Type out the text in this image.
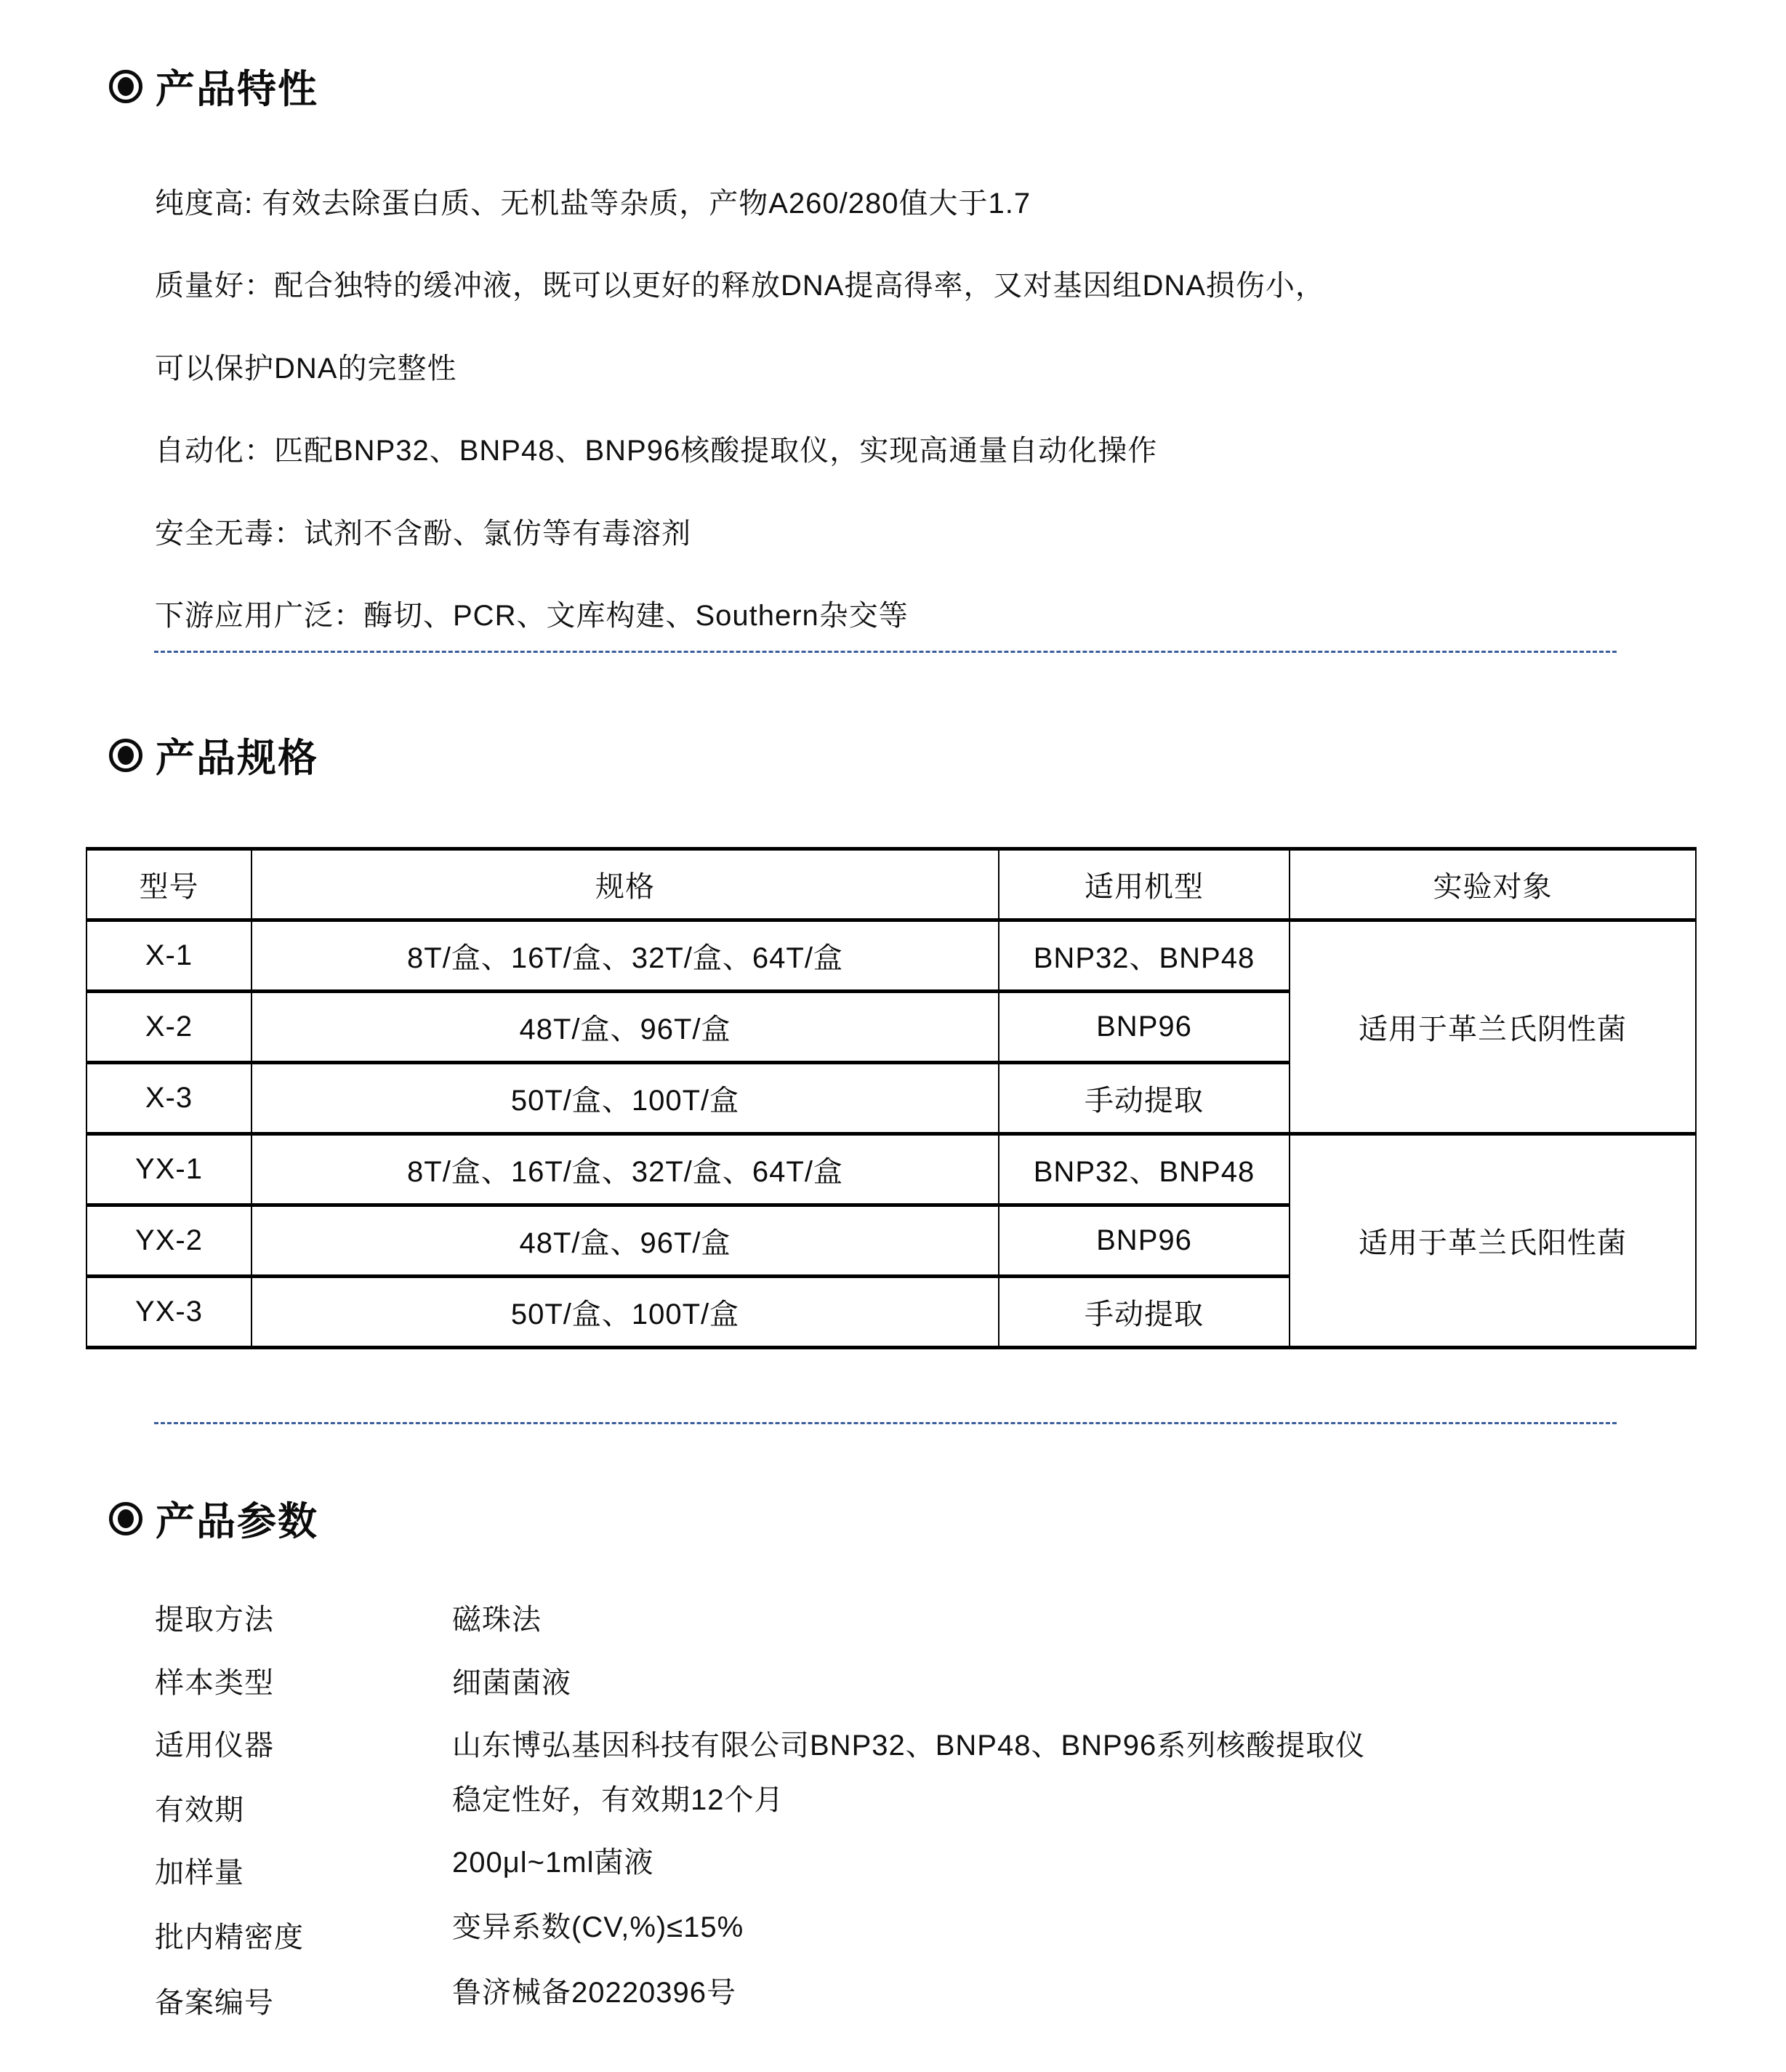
产品特性
纯度高: 有效去除蛋白质、无机盐等杂质，产物A260/280值大于1.7
质量好：配合独特的缓冲液，既可以更好的释放DNA提高得率，又对基因组DNA损伤小，
可以保护DNA的完整性
自动化：匹配BNP32、BNP48、BNP96核酸提取仪，实现高通量自动化操作
安全无毒：试剂不含酚、氯仿等有毒溶剂
下游应用广泛：酶切、PCR、文库构建、Southern杂交等
产品规格
型号	规格	适用机型	实验对象
X-1	8T/盒、16T/盒、32T/盒、64T/盒	BNP32、BNP48	适用于革兰氏阴性菌
X-2	48T/盒、96T/盒	BNP96	
X-3	50T/盒、100T/盒	手动提取	
YX-1	8T/盒、16T/盒、32T/盒、64T/盒	BNP32、BNP48	适用于革兰氏阳性菌
YX-2	48T/盒、96T/盒	BNP96	
YX-3	50T/盒、100T/盒	手动提取	
产品参数
提取方法	磁珠法
样本类型	细菌菌液
适用仪器	山东博弘基因科技有限公司BNP32、BNP48、BNP96系列核酸提取仪
有效期	稳定性好，有效期12个月
加样量	200μl~1ml菌液
批内精密度	变异系数(CV,%)≤15%
备案编号	鲁济械备20220396号
